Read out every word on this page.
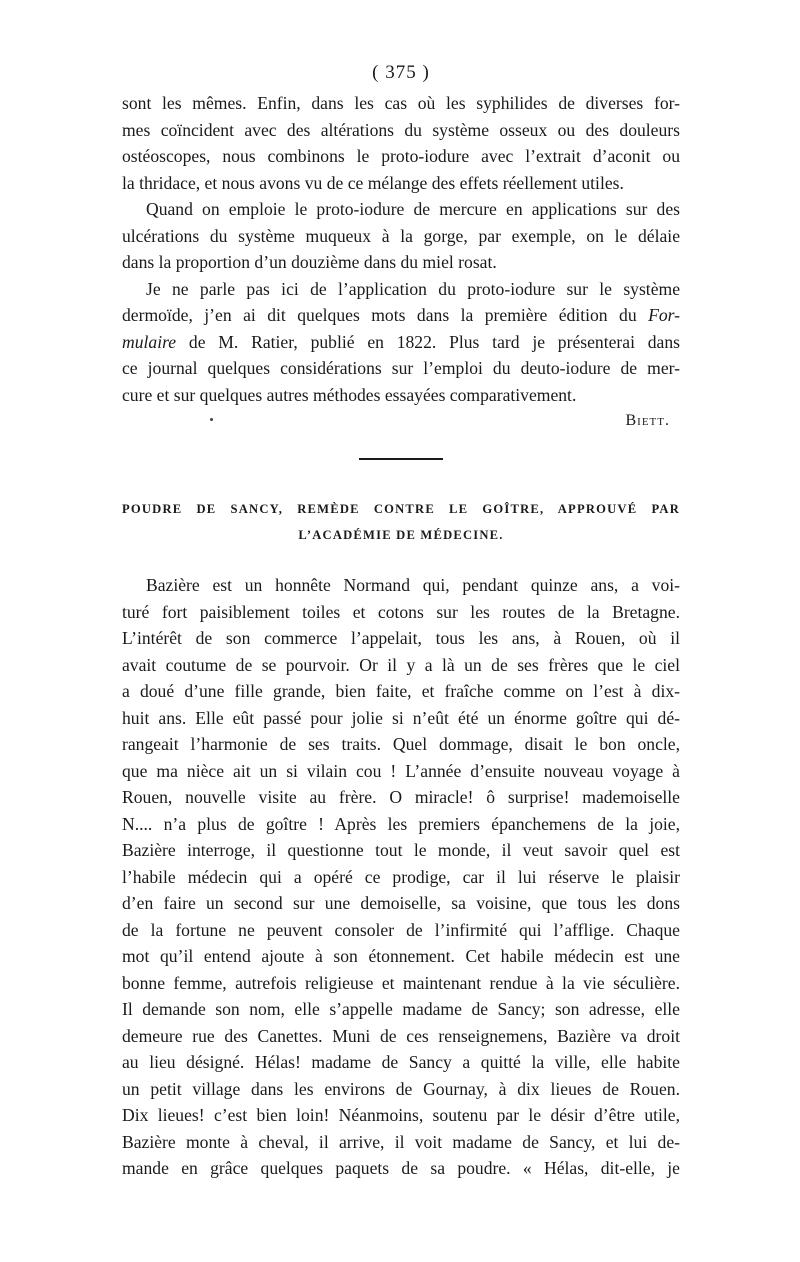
( 375 )
sont les mêmes. Enfin, dans les cas où les syphilides de diverses for-
mes coïncident avec des altérations du système osseux ou des douleurs
ostéoscopes, nous combinons le proto-iodure avec l’extrait d’aconit ou
la thridace, et nous avons vu de ce mélange des effets réellement utiles.
Quand on emploie le proto-iodure de mercure en applications sur des
ulcérations du système muqueux à la gorge, par exemple, on le délaie
dans la proportion d’un douzième dans du miel rosat.
Je ne parle pas ici de l’application du proto-iodure sur le système
dermoïde, j’en ai dit quelques mots dans la première édition du For-
mulaire de M. Ratier, publié en 1822. Plus tard je présenterai dans
ce journal quelques considérations sur l’emploi du deuto-iodure de mer-
cure et sur quelques autres méthodes essayées comparativement.
Biett.
POUDRE DE SANCY, REMÈDE CONTRE LE GOÎTRE, APPROUVÉ PAR
L’ACADÉMIE DE MÉDECINE.
Bazière est un honnête Normand qui, pendant quinze ans, a voi-
turé fort paisiblement toiles et cotons sur les routes de la Bretagne.
L’intérêt de son commerce l’appelait, tous les ans, à Rouen, où il
avait coutume de se pourvoir. Or il y a là un de ses frères que le ciel
a doué d’une fille grande, bien faite, et fraîche comme on l’est à dix-
huit ans. Elle eût passé pour jolie si n’eût été un énorme goître qui dé-
rangeait l’harmonie de ses traits. Quel dommage, disait le bon oncle,
que ma nièce ait un si vilain cou ! L’année d’ensuite nouveau voyage à
Rouen, nouvelle visite au frère. O miracle! ô surprise! mademoiselle
N.... n’a plus de goître ! Après les premiers épanchemens de la joie,
Bazière interroge, il questionne tout le monde, il veut savoir quel est
l’habile médecin qui a opéré ce prodige, car il lui réserve le plaisir
d’en faire un second sur une demoiselle, sa voisine, que tous les dons
de la fortune ne peuvent consoler de l’infirmité qui l’afflige. Chaque
mot qu’il entend ajoute à son étonnement. Cet habile médecin est une
bonne femme, autrefois religieuse et maintenant rendue à la vie séculière.
Il demande son nom, elle s’appelle madame de Sancy; son adresse, elle
demeure rue des Canettes. Muni de ces renseignemens, Bazière va droit
au lieu désigné. Hélas! madame de Sancy a quitté la ville, elle habite
un petit village dans les environs de Gournay, à dix lieues de Rouen.
Dix lieues! c’est bien loin! Néanmoins, soutenu par le désir d’être utile,
Bazière monte à cheval, il arrive, il voit madame de Sancy, et lui de-
mande en grâce quelques paquets de sa poudre. « Hélas, dit-elle, je
